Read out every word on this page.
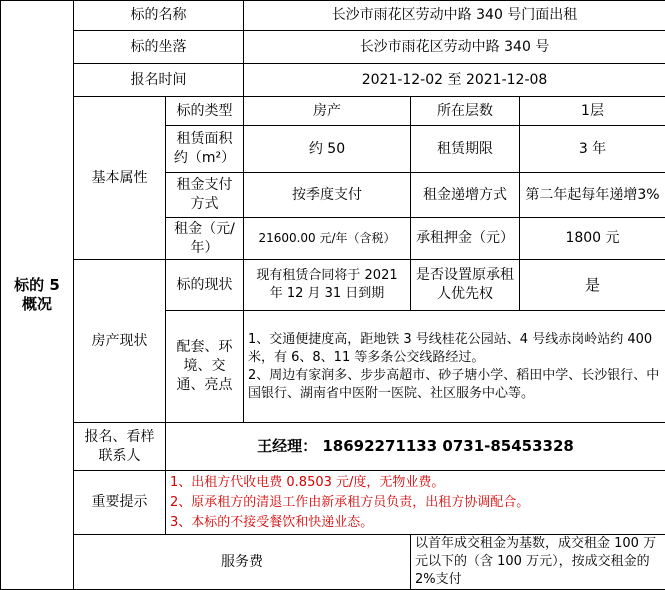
标的 5
概况	标的名称		长沙市雨花区劳动中路 340 号门面出租		
	标的坐落		长沙市雨花区劳动中路 340 号		
	报名时间		2021-12-02 至 2021-12-08		
	基本属性	标的类型	房产	所在层数	1层
		租赁面积约（m²）	约 50	租赁期限	3 年
		租金支付方式	按季度支付	租金递增方式	第二年起每年递增3%
		租金（元/年）	21600.00 元/年（含税）	承租押金（元）	1800 元
	房产现状	标的现状	现有租赁合同将于 2021 年 12 月 31 日到期	是否设置原承租人优先权	是
		配套、环境、交通、亮点	1、交通便捷度高，距地铁 3 号线桂花公园站、4 号线赤岗岭站约 400 米，有 6、8、11 等多条公交线路经过。
2、周边有家润多、步步高超市、砂子塘小学、稻田中学、长沙银行、中国银行、湖南省中医附一医院、社区服务中心等。		
	报名、看样联系人	王经理： 18692271133 0731-85453328			
	重要提示	1、出租方代收电费 0.8503 元/度，无物业费。
2、原承租方的清退工作由新承租方员负责，出租方协调配合。
3、本标的不接受餐饮和快递业态。			

	服务费			以首年成交租金为基数，成交租金 100 万元以下的（含 100 万元），按成交租金的 2%支付	
